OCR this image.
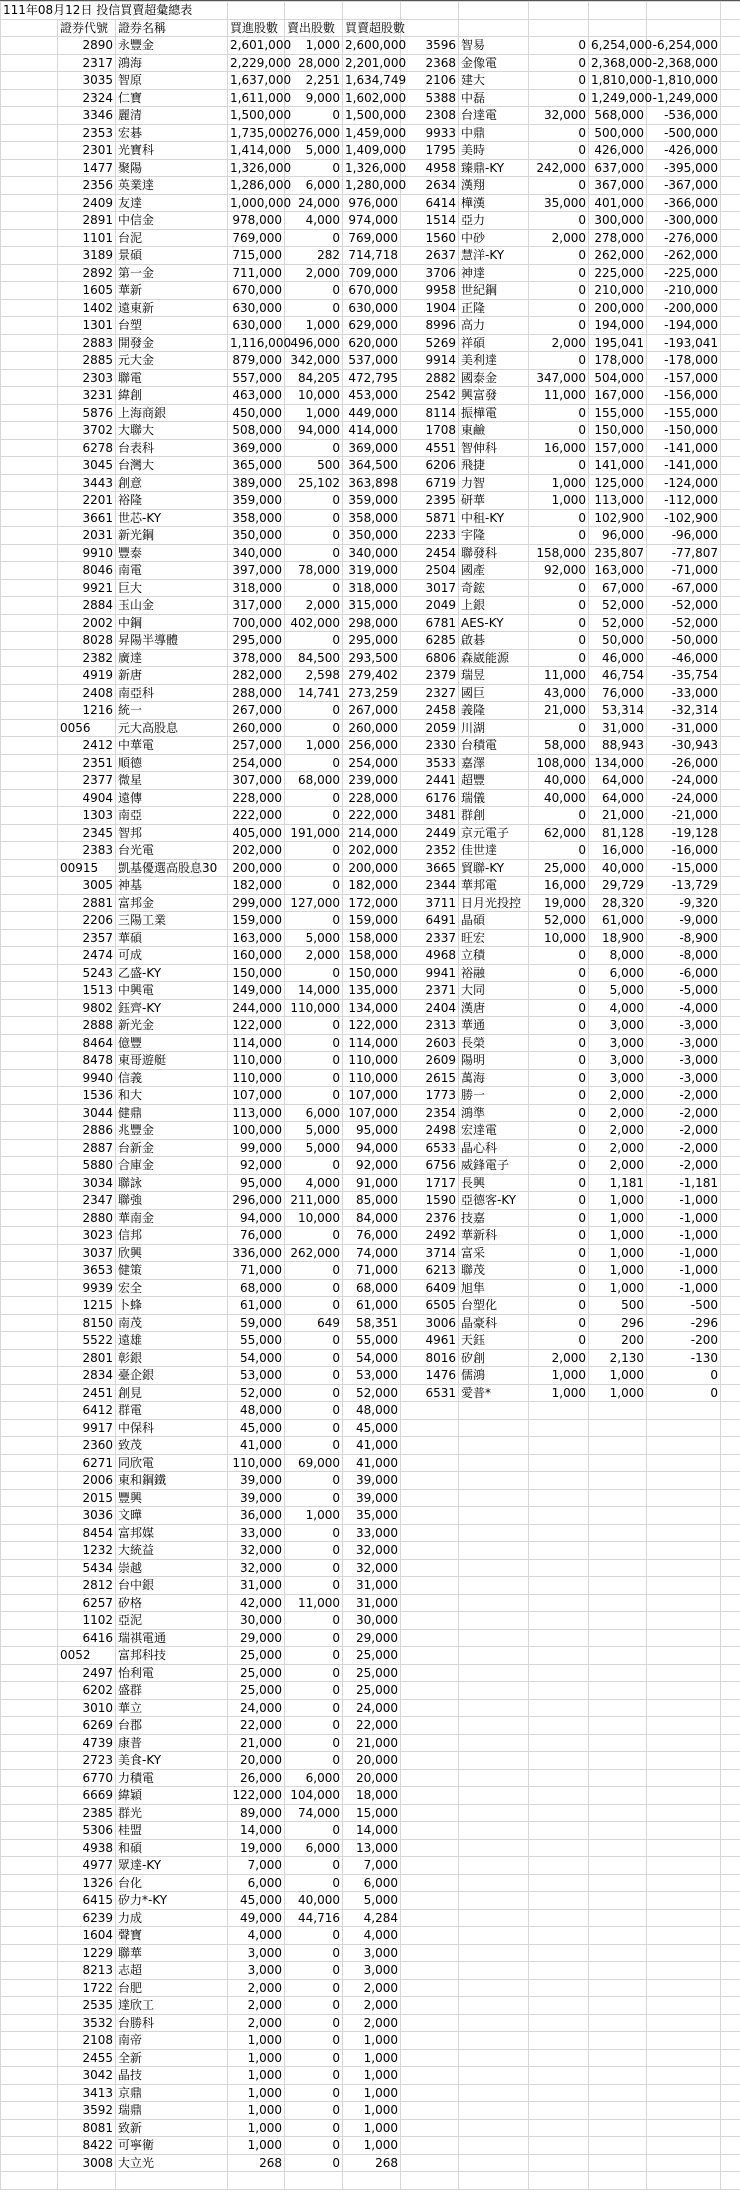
111年08月12日 投信買賣超彙總表											
	證券代號	證券名稱	買進股數	賣出股數	買賣超股數						
	2890	永豐金	2,601,000	1,000	2,600,000	3596	智易	0	6,254,000	-6,254,000	
	2317	鴻海	2,229,000	28,000	2,201,000	2368	金像電	0	2,368,000	-2,368,000	
	3035	智原	1,637,000	2,251	1,634,749	2106	建大	0	1,810,000	-1,810,000	
	2324	仁寶	1,611,000	9,000	1,602,000	5388	中磊	0	1,249,000	-1,249,000	
	3346	麗清	1,500,000	0	1,500,000	2308	台達電	32,000	568,000	-536,000	
	2353	宏碁	1,735,000	276,000	1,459,000	9933	中鼎	0	500,000	-500,000	
	2301	光寶科	1,414,000	5,000	1,409,000	1795	美時	0	426,000	-426,000	
	1477	聚陽	1,326,000	0	1,326,000	4958	臻鼎-KY	242,000	637,000	-395,000	
	2356	英業達	1,286,000	6,000	1,280,000	2634	漢翔	0	367,000	-367,000	
	2409	友達	1,000,000	24,000	976,000	6414	樺漢	35,000	401,000	-366,000	
	2891	中信金	978,000	4,000	974,000	1514	亞力	0	300,000	-300,000	
	1101	台泥	769,000	0	769,000	1560	中砂	2,000	278,000	-276,000	
	3189	景碩	715,000	282	714,718	2637	慧洋-KY	0	262,000	-262,000	
	2892	第一金	711,000	2,000	709,000	3706	神達	0	225,000	-225,000	
	1605	華新	670,000	0	670,000	9958	世紀鋼	0	210,000	-210,000	
	1402	遠東新	630,000	0	630,000	1904	正隆	0	200,000	-200,000	
	1301	台塑	630,000	1,000	629,000	8996	高力	0	194,000	-194,000	
	2883	開發金	1,116,000	496,000	620,000	5269	祥碩	2,000	195,041	-193,041	
	2885	元大金	879,000	342,000	537,000	9914	美利達	0	178,000	-178,000	
	2303	聯電	557,000	84,205	472,795	2882	國泰金	347,000	504,000	-157,000	
	3231	緯創	463,000	10,000	453,000	2542	興富發	11,000	167,000	-156,000	
	5876	上海商銀	450,000	1,000	449,000	8114	振樺電	0	155,000	-155,000	
	3702	大聯大	508,000	94,000	414,000	1708	東鹼	0	150,000	-150,000	
	6278	台表科	369,000	0	369,000	4551	智伸科	16,000	157,000	-141,000	
	3045	台灣大	365,000	500	364,500	6206	飛捷	0	141,000	-141,000	
	3443	創意	389,000	25,102	363,898	6719	力智	1,000	125,000	-124,000	
	2201	裕隆	359,000	0	359,000	2395	研華	1,000	113,000	-112,000	
	3661	世芯-KY	358,000	0	358,000	5871	中租-KY	0	102,900	-102,900	
	2031	新光鋼	350,000	0	350,000	2233	宇隆	0	96,000	-96,000	
	9910	豐泰	340,000	0	340,000	2454	聯發科	158,000	235,807	-77,807	
	8046	南電	397,000	78,000	319,000	2504	國產	92,000	163,000	-71,000	
	9921	巨大	318,000	0	318,000	3017	奇鋐	0	67,000	-67,000	
	2884	玉山金	317,000	2,000	315,000	2049	上銀	0	52,000	-52,000	
	2002	中鋼	700,000	402,000	298,000	6781	AES-KY	0	52,000	-52,000	
	8028	昇陽半導體	295,000	0	295,000	6285	啟碁	0	50,000	-50,000	
	2382	廣達	378,000	84,500	293,500	6806	森崴能源	0	46,000	-46,000	
	4919	新唐	282,000	2,598	279,402	2379	瑞昱	11,000	46,754	-35,754	
	2408	南亞科	288,000	14,741	273,259	2327	國巨	43,000	76,000	-33,000	
	1216	統一	267,000	0	267,000	2458	義隆	21,000	53,314	-32,314	
	0056	元大高股息	260,000	0	260,000	2059	川湖	0	31,000	-31,000	
	2412	中華電	257,000	1,000	256,000	2330	台積電	58,000	88,943	-30,943	
	2351	順德	254,000	0	254,000	3533	嘉澤	108,000	134,000	-26,000	
	2377	微星	307,000	68,000	239,000	2441	超豐	40,000	64,000	-24,000	
	4904	遠傳	228,000	0	228,000	6176	瑞儀	40,000	64,000	-24,000	
	1303	南亞	222,000	0	222,000	3481	群創	0	21,000	-21,000	
	2345	智邦	405,000	191,000	214,000	2449	京元電子	62,000	81,128	-19,128	
	2383	台光電	202,000	0	202,000	2352	佳世達	0	16,000	-16,000	
	00915	凱基優選高股息30	200,000	0	200,000	3665	貿聯-KY	25,000	40,000	-15,000	
	3005	神基	182,000	0	182,000	2344	華邦電	16,000	29,729	-13,729	
	2881	富邦金	299,000	127,000	172,000	3711	日月光投控	19,000	28,320	-9,320	
	2206	三陽工業	159,000	0	159,000	6491	晶碩	52,000	61,000	-9,000	
	2357	華碩	163,000	5,000	158,000	2337	旺宏	10,000	18,900	-8,900	
	2474	可成	160,000	2,000	158,000	4968	立積	0	8,000	-8,000	
	5243	乙盛-KY	150,000	0	150,000	9941	裕融	0	6,000	-6,000	
	1513	中興電	149,000	14,000	135,000	2371	大同	0	5,000	-5,000	
	9802	鈺齊-KY	244,000	110,000	134,000	2404	漢唐	0	4,000	-4,000	
	2888	新光金	122,000	0	122,000	2313	華通	0	3,000	-3,000	
	8464	億豐	114,000	0	114,000	2603	長榮	0	3,000	-3,000	
	8478	東哥遊艇	110,000	0	110,000	2609	陽明	0	3,000	-3,000	
	9940	信義	110,000	0	110,000	2615	萬海	0	3,000	-3,000	
	1536	和大	107,000	0	107,000	1773	勝一	0	2,000	-2,000	
	3044	健鼎	113,000	6,000	107,000	2354	鴻準	0	2,000	-2,000	
	2886	兆豐金	100,000	5,000	95,000	2498	宏達電	0	2,000	-2,000	
	2887	台新金	99,000	5,000	94,000	6533	晶心科	0	2,000	-2,000	
	5880	合庫金	92,000	0	92,000	6756	威鋒電子	0	2,000	-2,000	
	3034	聯詠	95,000	4,000	91,000	1717	長興	0	1,181	-1,181	
	2347	聯強	296,000	211,000	85,000	1590	亞德客-KY	0	1,000	-1,000	
	2880	華南金	94,000	10,000	84,000	2376	技嘉	0	1,000	-1,000	
	3023	信邦	76,000	0	76,000	2492	華新科	0	1,000	-1,000	
	3037	欣興	336,000	262,000	74,000	3714	富采	0	1,000	-1,000	
	3653	健策	71,000	0	71,000	6213	聯茂	0	1,000	-1,000	
	9939	宏全	68,000	0	68,000	6409	旭隼	0	1,000	-1,000	
	1215	卜蜂	61,000	0	61,000	6505	台塑化	0	500	-500	
	8150	南茂	59,000	649	58,351	3006	晶豪科	0	296	-296	
	5522	遠雄	55,000	0	55,000	4961	天鈺	0	200	-200	
	2801	彰銀	54,000	0	54,000	8016	矽創	2,000	2,130	-130	
	2834	臺企銀	53,000	0	53,000	1476	儒鴻	1,000	1,000	0	
	2451	創見	52,000	0	52,000	6531	愛普*	1,000	1,000	0	
	6412	群電	48,000	0	48,000						
	9917	中保科	45,000	0	45,000						
	2360	致茂	41,000	0	41,000						
	6271	同欣電	110,000	69,000	41,000						
	2006	東和鋼鐵	39,000	0	39,000						
	2015	豐興	39,000	0	39,000						
	3036	文曄	36,000	1,000	35,000						
	8454	富邦媒	33,000	0	33,000						
	1232	大統益	32,000	0	32,000						
	5434	崇越	32,000	0	32,000						
	2812	台中銀	31,000	0	31,000						
	6257	矽格	42,000	11,000	31,000						
	1102	亞泥	30,000	0	30,000						
	6416	瑞祺電通	29,000	0	29,000						
	0052	富邦科技	25,000	0	25,000						
	2497	怡利電	25,000	0	25,000						
	6202	盛群	25,000	0	25,000						
	3010	華立	24,000	0	24,000						
	6269	台郡	22,000	0	22,000						
	4739	康普	21,000	0	21,000						
	2723	美食-KY	20,000	0	20,000						
	6770	力積電	26,000	6,000	20,000						
	6669	緯穎	122,000	104,000	18,000						
	2385	群光	89,000	74,000	15,000						
	5306	桂盟	14,000	0	14,000						
	4938	和碩	19,000	6,000	13,000						
	4977	眾達-KY	7,000	0	7,000						
	1326	台化	6,000	0	6,000						
	6415	矽力*-KY	45,000	40,000	5,000						
	6239	力成	49,000	44,716	4,284						
	1604	聲寶	4,000	0	4,000						
	1229	聯華	3,000	0	3,000						
	8213	志超	3,000	0	3,000						
	1722	台肥	2,000	0	2,000						
	2535	達欣工	2,000	0	2,000						
	3532	台勝科	2,000	0	2,000						
	2108	南帝	1,000	0	1,000						
	2455	全新	1,000	0	1,000						
	3042	晶技	1,000	0	1,000						
	3413	京鼎	1,000	0	1,000						
	3592	瑞鼎	1,000	0	1,000						
	8081	致新	1,000	0	1,000						
	8422	可寧衛	1,000	0	1,000						
	3008	大立光	268	0	268						
